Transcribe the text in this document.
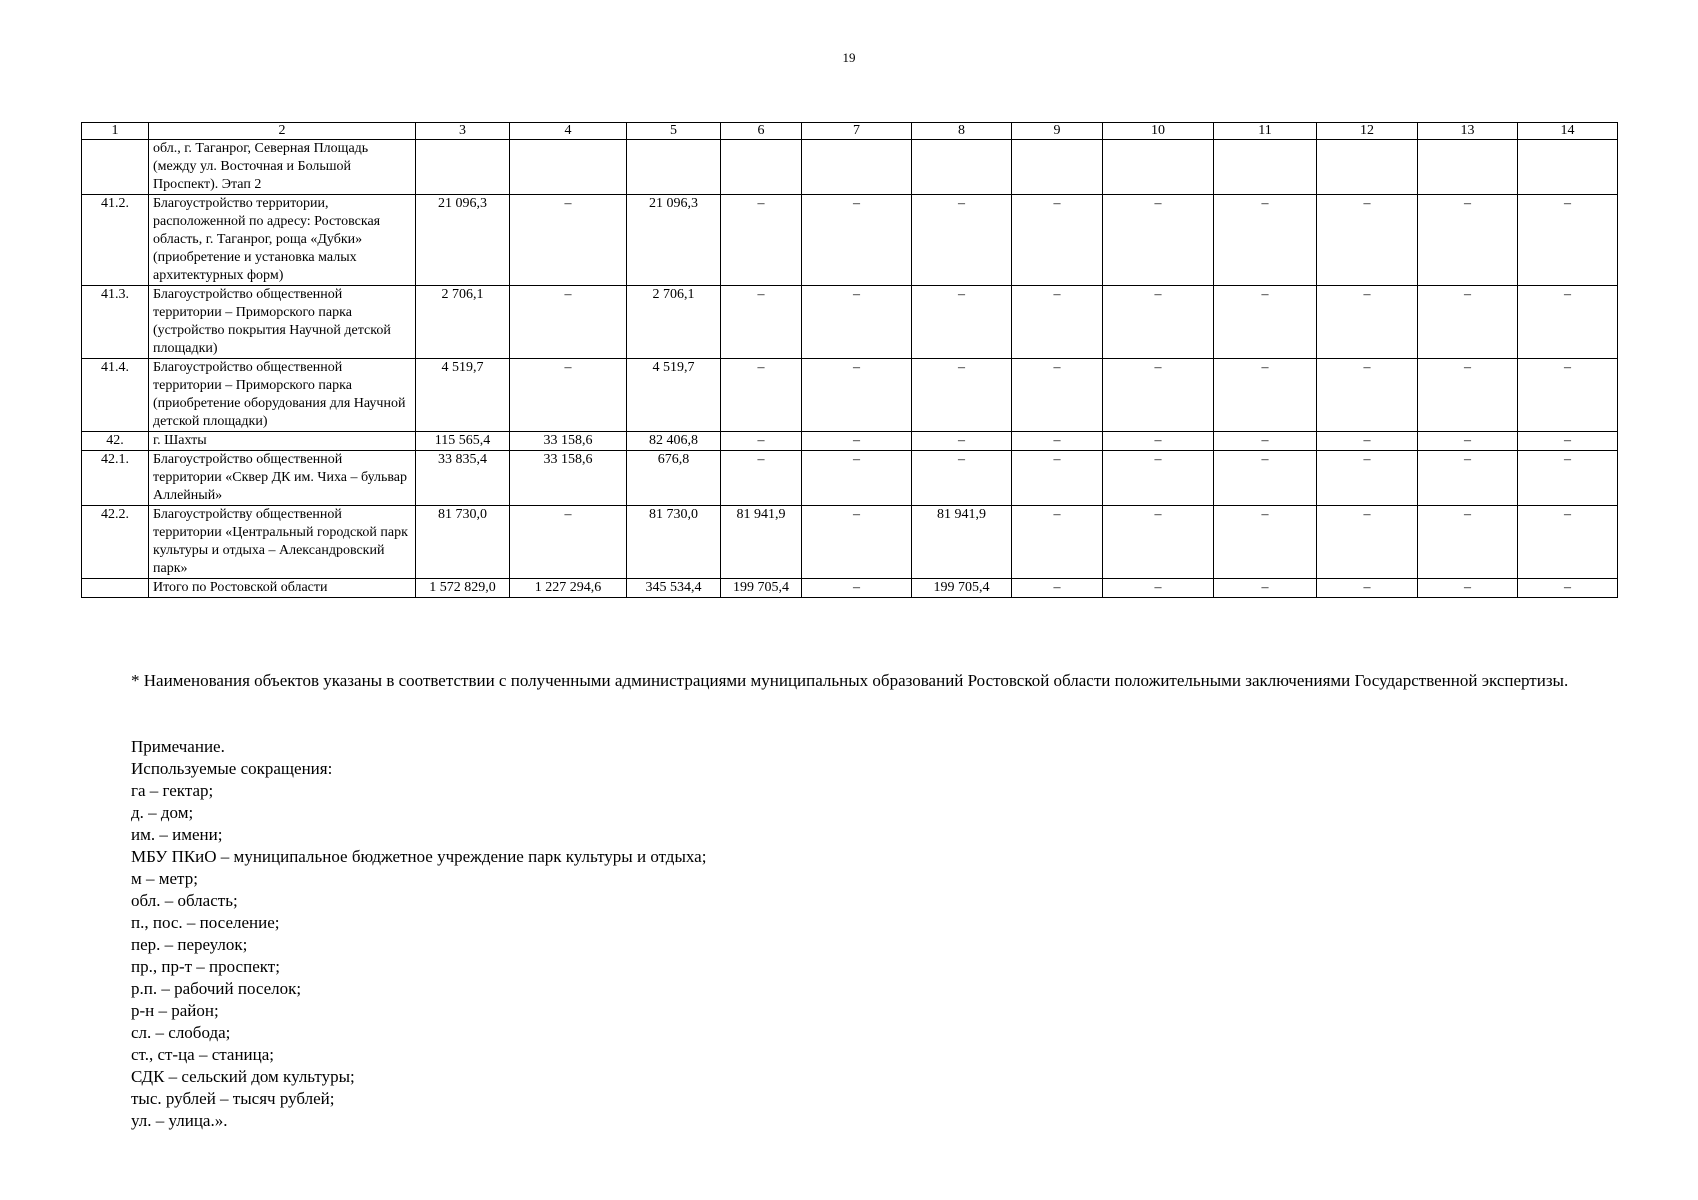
19
1	2	3	4	5	6	7	8	9	10	11	12	13	14
	обл., г. Таганрог, Северная Площадь (между ул. Восточная и Большой Проспект). Этап 2												
41.2.	Благоустройство территории, расположенной по адресу: Ростовская область, г. Таганрог, роща «Дубки» (приобретение и установка малых архитектурных форм)	21 096,3	–	21 096,3	–	–	–	–	–	–	–	–	–
41.3.	Благоустройство общественной территории – Приморского парка (устройство покрытия Научной детской площадки)	2 706,1	–	2 706,1	–	–	–	–	–	–	–	–	–
41.4.	Благоустройство общественной территории – Приморского парка (приобретение оборудования для Научной детской площадки)	4 519,7	–	4 519,7	–	–	–	–	–	–	–	–	–
42.	г. Шахты	115 565,4	33 158,6	82 406,8	–	–	–	–	–	–	–	–	–
42.1.	Благоустройство общественной территории «Сквер ДК им. Чиха – бульвар Аллейный»	33 835,4	33 158,6	676,8	–	–	–	–	–	–	–	–	–
42.2.	Благоустройству общественной территории «Центральный городской парк культуры и отдыха – Александровский парк»	81 730,0	–	81 730,0	81 941,9	–	81 941,9	–	–	–	–	–	–
	Итого по Ростовской области	1 572 829,0	1 227 294,6	345 534,4	199 705,4	–	199 705,4	–	–	–	–	–	–
* Наименования объектов указаны в соответствии с полученными администрациями муниципальных образований Ростовской области положительными заключениями Государственной экспертизы.
Примечание.
Используемые сокращения:
га – гектар;
д. – дом;
им. – имени;
МБУ ПКиО – муниципальное бюджетное учреждение парк культуры и отдыха;
м – метр;
обл. – область;
п., пос. – поселение;
пер. – переулок;
пр., пр-т – проспект;
р.п. – рабочий поселок;
р-н – район;
сл. – слобода;
ст., ст-ца – станица;
СДК – сельский дом культуры;
тыс. рублей – тысяч рублей;
ул. – улица.».
